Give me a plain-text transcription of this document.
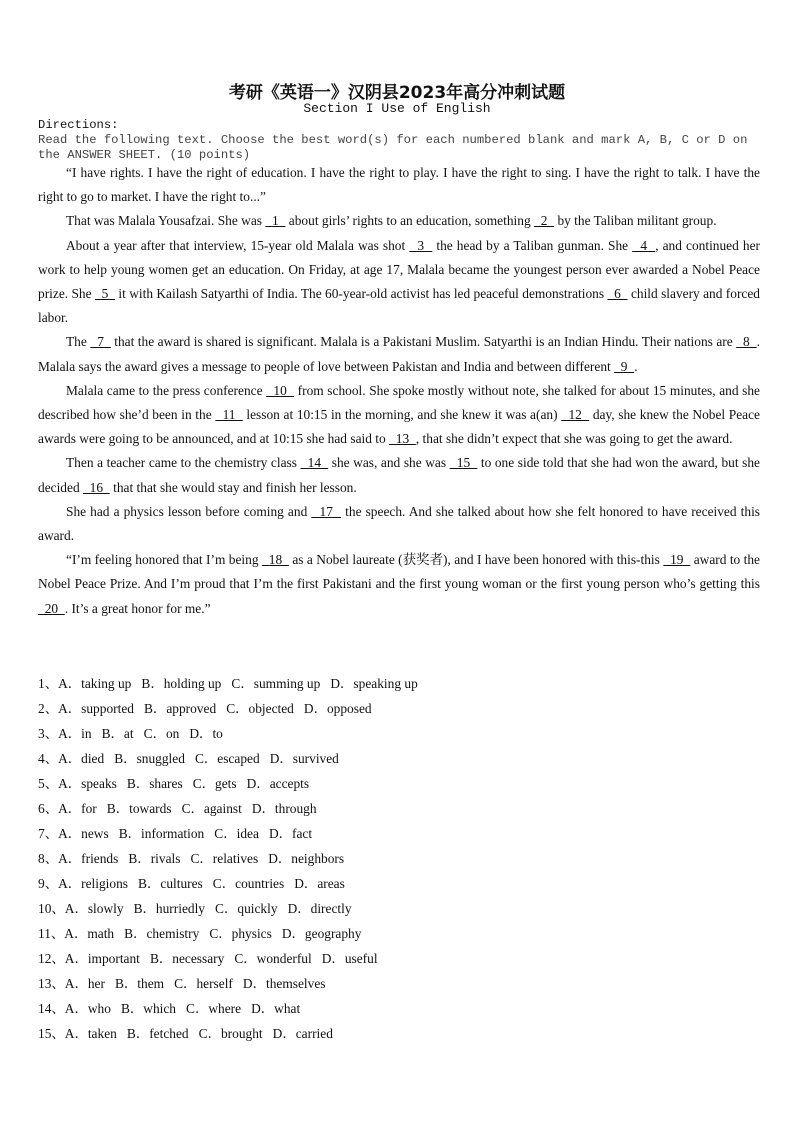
考研《英语一》汉阴县2023年高分冲刺试题
Section I Use of English
Directions:
Read the following text. Choose the best word(s) for each numbered blank and mark A, B, C or D on the ANSWER SHEET. (10 points)

“I have rights. I have the right of education. I have the right to play. I have the right to sing. I have the right to talk. I have the right to go to market. I have the right to...”

That was Malala Yousafzai. She was   1   about girls’ rights to an education, something   2   by the Taliban militant group.

About a year after that interview, 15-year old Malala was shot   3   the head by a Taliban gunman. She   4  , and continued her work to help young women get an education. On Friday, at age 17, Malala became the youngest person ever awarded a Nobel Peace prize. She   5   it with Kailash Satyarthi of India. The 60-year-old activist has led peaceful demonstrations   6   child slavery and forced labor.

The   7   that the award is shared is significant. Malala is a Pakistani Muslim. Satyarthi is an Indian Hindu. Their nations are   8  . Malala says the award gives a message to people of love between Pakistan and India and between different   9  .

Malala came to the press conference   10   from school. She spoke mostly without note, she talked for about 15 minutes, and she described how she’d been in the   11   lesson at 10:15 in the morning, and she knew it was a(an)   12   day, she knew the Nobel Peace awards were going to be announced, and at 10:15 she had said to   13  , that she didn’t expect that she was going to get the award.

Then a teacher came to the chemistry class   14   she was, and she was   15   to one side told that she had won the award, but she decided   16   that that she would stay and finish her lesson.

She had a physics lesson before coming and   17   the speech. And she talked about how she felt honored to have received this award.

“I’m feeling honored that I’m being   18   as a Nobel laureate (获奖者), and I have been honored with this-this   19   award to the Nobel Peace Prize. And I’m proud that I’m the first Pakistani and the first young woman or the first young person who’s getting this   20  . It’s a great honor for me.”

1、A．taking up   B．holding up   C．summing up   D．speaking up
2、A．supported   B．approved   C．objected   D．opposed
3、A．in   B．at   C．on   D．to
4、A．died   B．snuggled   C．escaped   D．survived
5、A．speaks   B．shares   C．gets   D．accepts
6、A．for   B．towards   C．against   D．through
7、A．news   B．information   C．idea   D．fact
8、A．friends   B．rivals   C．relatives   D．neighbors
9、A．religions   B．cultures   C．countries   D．areas
10、A．slowly   B．hurriedly   C．quickly   D．directly
11、A．math   B．chemistry   C．physics   D．geography
12、A．important   B．necessary   C．wonderful   D．useful
13、A．her   B．them   C．herself   D．themselves
14、A．who   B．which   C．where   D．what
15、A．taken   B．fetched   C．brought   D．carried
